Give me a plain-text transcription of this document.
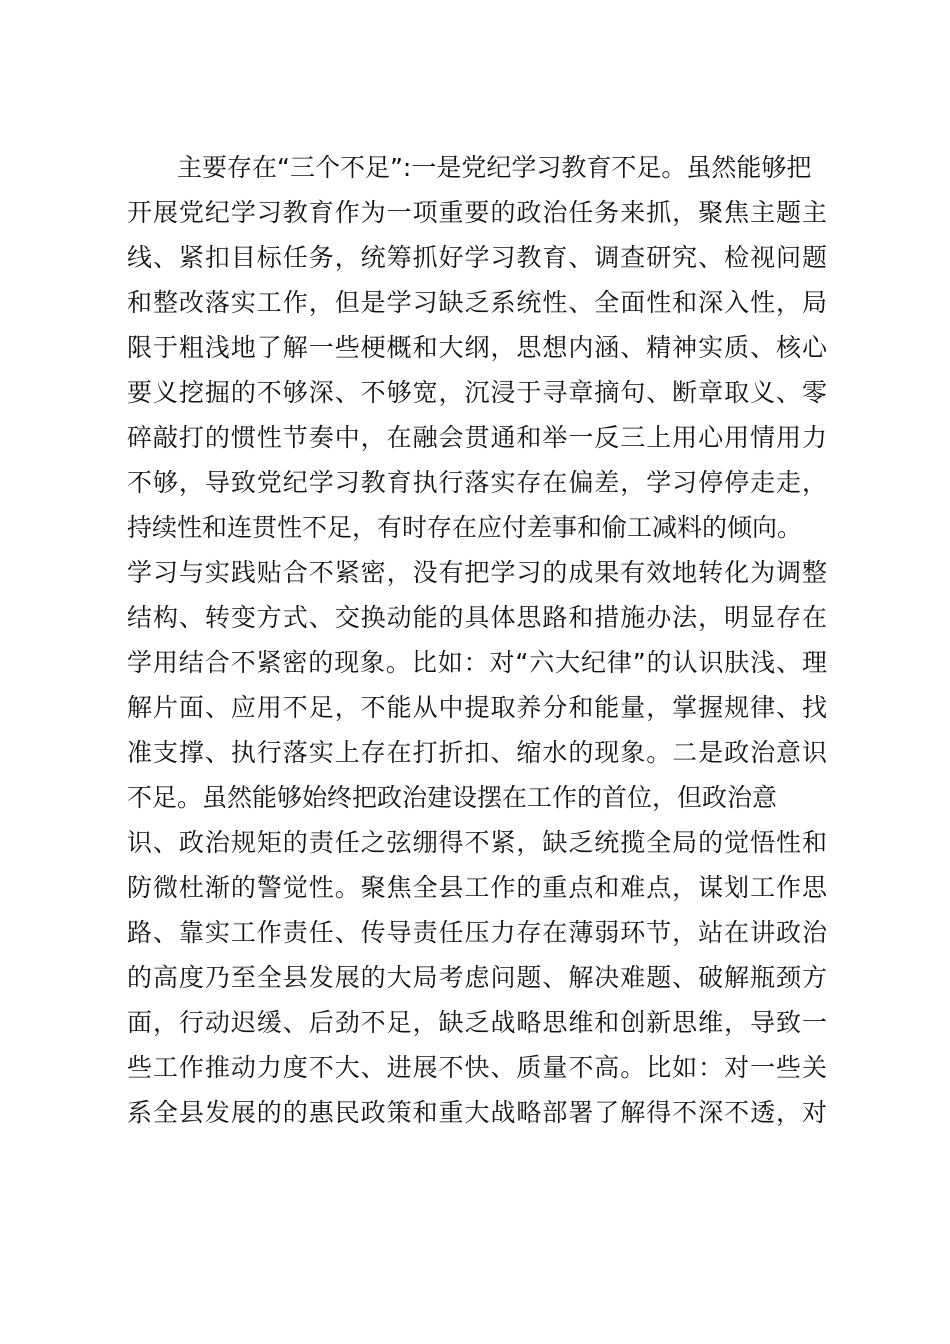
主要存在“三个不足”:一是党纪学习教育不足。虽然能够把
开展党纪学习教育作为一项重要的政治任务来抓，聚焦主题主
线、紧扣目标任务，统筹抓好学习教育、调查研究、检视问题
和整改落实工作，但是学习缺乏系统性、全面性和深入性，局
限于粗浅地了解一些梗概和大纲，思想内涵、精神实质、核心
要义挖掘的不够深、不够宽，沉浸于寻章摘句、断章取义、零
碎敲打的惯性节奏中，在融会贯通和举一反三上用心用情用力
不够，导致党纪学习教育执行落实存在偏差，学习停停走走，
持续性和连贯性不足，有时存在应付差事和偷工减料的倾向。
学习与实践贴合不紧密，没有把学习的成果有效地转化为调整
结构、转变方式、交换动能的具体思路和措施办法，明显存在
学用结合不紧密的现象。比如：对“六大纪律”的认识肤浅、理
解片面、应用不足，不能从中提取养分和能量，掌握规律、找
准支撑、执行落实上存在打折扣、缩水的现象。二是政治意识
不足。虽然能够始终把政治建设摆在工作的首位，但政治意
识、政治规矩的责任之弦绷得不紧，缺乏统揽全局的觉悟性和
防微杜渐的警觉性。聚焦全县工作的重点和难点，谋划工作思
路、靠实工作责任、传导责任压力存在薄弱环节，站在讲政治
的高度乃至全县发展的大局考虑问题、解决难题、破解瓶颈方
面，行动迟缓、后劲不足，缺乏战略思维和创新思维，导致一
些工作推动力度不大、进展不快、质量不高。比如：对一些关
系全县发展的的惠民政策和重大战略部署了解得不深不透，对
